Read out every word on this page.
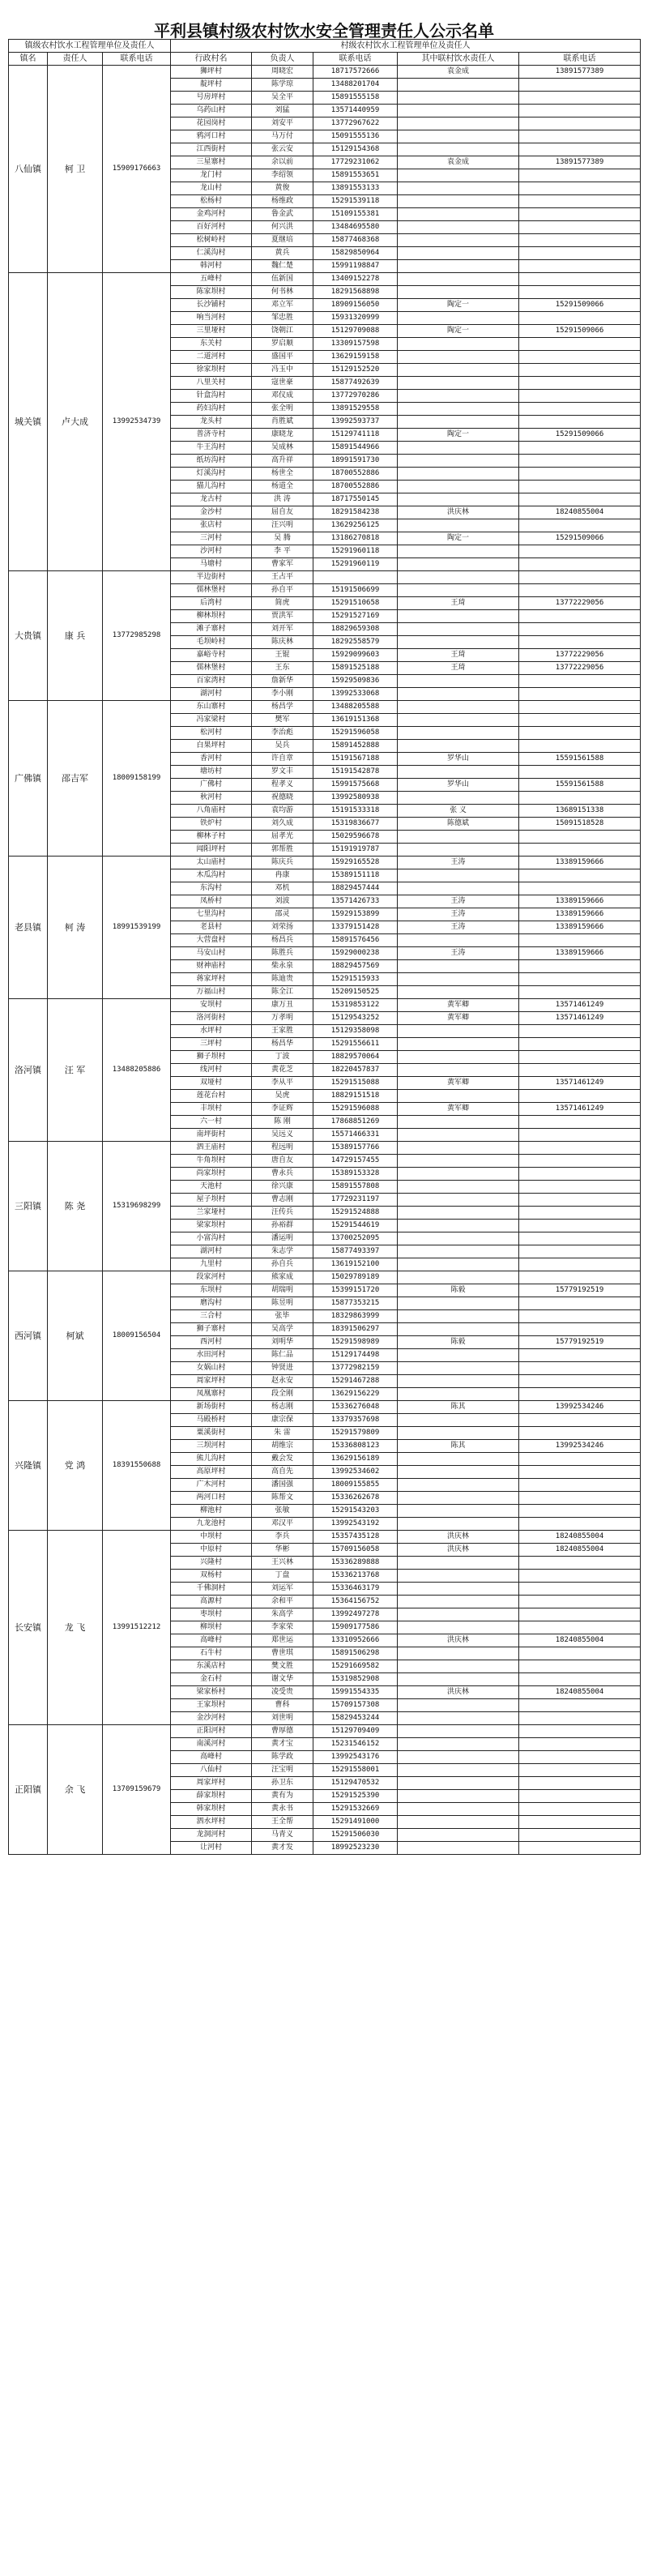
平利县镇村级农村饮水安全管理责任人公示名单
镇级农村饮水工程管理单位及责任人			村级农村饮水工程管理单位及责任人				
镇名	责任人	联系电话	行政村名	负责人	联系电话	其中联村饮水责任人	联系电话
八仙镇	柯 卫	15909176663	狮坪村	周晓宏	18717572666	袁金成	13891577389
			靛坪村	陈学琼	13488201704		
			号房坪村	吴全平	15891555158		
			乌药山村	刘猛	13571440959		
			花园岗村	刘安平	13772967622		
			鸦河口村	马万付	15091555136		
			江西街村	张云安	15129154368		
			三星寨村	余以前	17729231062	袁金成	13891577389
			龙门村	李绍领	15891553651		
			龙山村	黄俊	13891553133		
			松杨村	杨维政	15291539118		
			金鸡河村	鲁金武	15109155381		
			百好河村	何兴洪	13484695580		
			松树岭村	夏继培	15877468368		
			仁溪沟村	黄兵	15829850964		
			韩河村	魏仁楚	15991198847		
城关镇	卢大成	13992534739	五峰村	伍新国	13409152278		
			陈家坝村	何书林	18291568898		
			长沙铺村	邓立军	18909156050	陶定一	15291509066
			响当河村	邹忠胜	15931320999		
			三里垭村	饶朝江	15129709088	陶定一	15291509066
			东关村	罗启顺	13309157598		
			二道河村	盛国平	13629159158		
			徐家坝村	冯玉中	15129152520		
			八里关村	寇世豪	15877492639		
			针盒沟村	邓仪成	13772970286		
			药妇沟村	张全明	13891529558		
			龙头村	肖胜斌	13992593737		
			普济寺村	康晓龙	15129741118	陶定一	15291509066
			牛王沟村	吴成林	15891544966		
			纸坊沟村	高升祥	18991591730		
			灯溪沟村	杨世全	18700552886		
			猫儿沟村	杨道全	18700552886		
			龙古村	洪 涛	18717550145		
			金沙村	屈自友	18291584238	洪庆林	18240855004
			张店村	汪兴明	13629256125		
			三河村	吴 腾	13186270818	陶定一	15291509066
			沙河村	李 平	15291960118		
			马塘村	曹家军	15291960119		
大贵镇	康 兵	13772985298	半边街村	王占平			
			儒林堡村	孙自平	15191506699		
			后湾村	简虎	15291510658	王琦	13772229056
			柳林坝村	贾洪军	15291527169		
			滩子寨村	刘开军	18829659308		
			毛坝岭村	陈庆林	18292558579		
			嘉峪寺村	王锟	15929099603	王琦	13772229056
			儒林堡村	王东	15891525188	王琦	13772229056
			百家湾村	詹新华	15929509836		
			湖河村	李小刚	13992533068		
广佛镇	邵吉军	18009158199	东山寨村	杨昌学	13488205588		
			冯家梁村	樊军	13619151368		
			松河村	李治彪	15291596058		
			白果坪村	吴兵	15891452888		
			香河村	许自章	15191567188	罗华山	15591561588
			塘坊村	罗文丰	15191542878		
			广佛村	程孝义	15991575668	罗华山	15591561588
			秋河村	祝德晓	13992580938		
			八角庙村	袁均游	15191533318	张 义	13689151338
			铁炉村	刘久成	15319836677	陈德斌	15091518528
			柳林子村	屈孝光	15029596678		
			闻阳坪村	郭帮胜	15191919787		
老县镇	柯 涛	18991539199	太山庙村	陈庆兵	15929165528	王涛	13389159666
			木瓜沟村	冉康	15389151118		
			东沟村	邓机	18829457444		
			凤桥村	刘波	13571426733	王涛	13389159666
			七里沟村	邵灵	15929153899	王涛	13389159666
			老县村	刘荣扬	13379151428	王涛	13389159666
			大营盘村	杨昌兵	15891576456		
			马安山村	陈胜兵	15929000238	王涛	13389159666
			财神庙村	柴永泉	18829457569		
			蒋家坪村	陈迪贵	15291515933		
			万福山村	陈全江	15209150525		
洛河镇	汪 军	13488205886	安坝村	康万丑	15319853122	黄军卿	13571461249
			洛河街村	万孝明	15129543252	黄军卿	13571461249
			水坪村	王家胜	15129358098		
			三坪村	杨昌华	15291556611		
			狮子坝村	丁波	18829570064		
			线河村	黄花芝	18220457837		
			双垭村	李从平	15291515088	黄军卿	13571461249
			莲花台村	吴虎	18829151518		
			丰坝村	李证辉	15291596088	黄军卿	13571461249
			六一村	陈 刚	17868851269		
			南坪街村	吴远义	15571466331		
三阳镇	陈 尧	15319698299	泗王庙村	程远明	15389157766		
			牛角坝村	唐自友	14729157455		
			尚家坝村	曹永兵	15389153328		
			天池村	徐兴康	15891557808		
			屋子坝村	曹志刚	17729231197		
			兰家垭村	汪传兵	15291524888		
			梁家坝村	孙裕群	15291544619		
			小富沟村	潘运明	13700252095		
			湖河村	朱志学	15877493397		
			九里村	孙自兵	13619152100		
西河镇	柯斌	18009156504	段家河村	熊家成	15029789189		
			东坝村	胡瑞明	15399151720	陈毅	15779192519
			磨沟村	陈昱明	15877353215		
			三合村	张毕	18329863999		
			狮子寨村	吴高学	18391506297		
			西河村	刘明华	15291598989	陈毅	15779192519
			水田河村	陈仁品	15129174498		
			女娲山村	钟贤进	13772982159		
			周家坪村	赵永安	15291467288		
			凤凰寨村	段全刚	13629156229		
兴隆镇	党 鸿	18391550688	新场街村	杨志刚	15336276048	陈其	13992534246
			马殿桥村	康宗保	13379357698		
			粟溪街村	朱 雷	15291579809		
			三坝河村	胡维宗	15336808123	陈其	13992534246
			熊儿沟村	戴会发	13629156189		
			高原坪村	高自先	13992534602		
			广木河村	潘国强	18009155855		
			两河口村	陈帮文	15336262678		
			柳池村	张敏	15291543203		
			九龙池村	邓汉平	13992543192		
长安镇	龙 飞	13991512212	中坝村	李兵	15357435128	洪庆林	18240855004
			中原村	华彬	15709156058	洪庆林	18240855004
			兴隆村	王兴林	15336289888		
			双杨村	丁盘	15336213768		
			千佛洞村	刘运军	15336463179		
			高源村	余和平	15364156752		
			枣坝村	朱高学	13992497278		
			柳坝村	李家荣	15909177586		
			高峰村	郑世运	13310952666	洪庆林	18240855004
			石牛村	曹世琪	15891506298		
			东溪店村	樊文胜	15291669582		
			金石村	谢文华	15319852908		
			梁家桥村	凌受贵	15991554335	洪庆林	18240855004
			王家坝村	曹科	15709157308		
			金沙河村	刘世明	15829453244		
正阳镇	余 飞	13709159679	正阳河村	曹厚德	15129709409		
			南溪河村	黄才宝	15231546152		
			高峰村	陈学政	13992543176		
			八仙村	汪宝明	15291558001		
			周家坪村	孙卫东	15129470532		
			薛家坝村	黄有为	15291525390		
			韩家坝村	黄永书	15291532669		
			泗水坪村	王全帮	15291491000		
			龙洞河村	马青义	15291506030		
			让河村	黄才发	18992523230		
